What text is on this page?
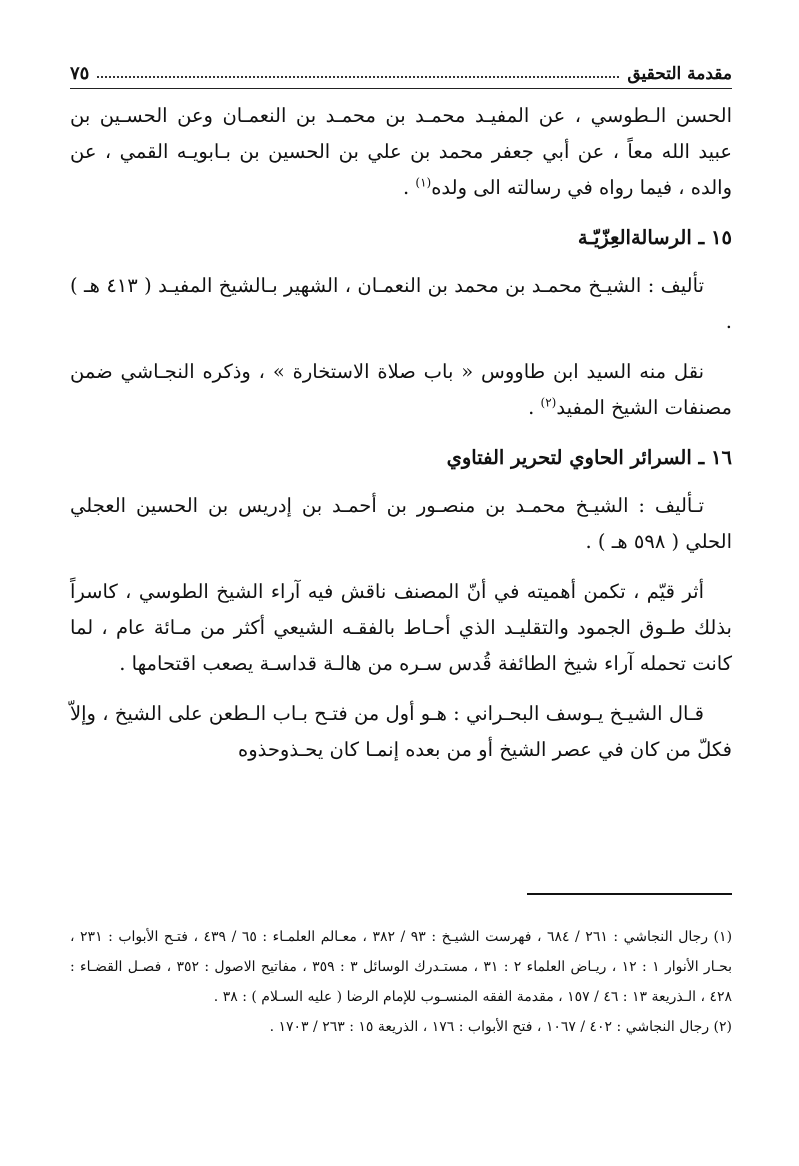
مقدمة التحقيق
٧٥

الحسن الـطوسي ، عن المفيـد محمـد بن محمـد بن النعمـان وعن الحسـين بن عبيد الله معاً ، عن أبي جعفر محمد بن علي بن الحسين بن بـابويـه القمي ، عن والده ، فيما رواه في رسالته الى ولده$^{(١)}$ .

١٥ ـ الرسالةالعِزّيّـة

تأليف : الشيـخ محمـد بن محمد بن النعمـان ، الشهير بـالشيخ المفيـد ( ٤١٣ هـ ) .

نقل منه السيد ابن طاووس « باب صلاة الاستخارة » ، وذكره النجـاشي ضمن مصنفات الشيخ المفيد$^{(٢)}$ .

١٦ ـ السرائر الحاوي لتحرير الفتاوي

تـأليف : الشيـخ محمـد بن منصـور بن أحمـد بن إدريس بن الحسين العجلي الحلي ( ٥٩٨ هـ ) .

أثر قيّم ، تكمن أهميته في أنّ المصنف ناقش فيه آراء الشيخ الطوسي ، كاسراً بذلك طـوق الجمود والتقليـد الذي أحـاط بالفقـه الشيعي أكثر من مـائة عام ، لما كانت تحمله آراء شيخ الطائفة قُدس سـره من هالـة قداسـة يصعب اقتحامها .

قـال الشيـخ يـوسف البحـراني : هـو أول من فتـح بـاب الـطعن على الشيخ ، وإلاّ فكلّ من كان في عصر الشيخ أو من بعده إنمـا كان يحـذوحذوه

(١) رجال النجاشي : ٢٦١ / ٦٨٤ ، فهرست الشيـخ : ٩٣ / ٣٨٢ ، معـالم العلمـاء : ٦٥ / ٤٣٩ ، فتـح الأبواب : ٢٣١ ، بحـار الأنوار ١ : ١٢ ، ريـاض العلماء ٢ : ٣١ ، مستـدرك الوسائل ٣ : ٣٥٩ ، مفاتيح الاصول : ٣٥٢ ، فصـل القضـاء : ٤٢٨ ، الـذريعة ١٣ : ٤٦ / ١٥٧ ، مقدمة الفقه المنسـوب للإمام الرضا ( عليه السـلام ) : ٣٨ .

(٢) رجال النجاشي : ٤٠٢ / ١٠٦٧ ، فتح الأبواب : ١٧٦ ، الذريعة ١٥ : ٢٦٣ / ١٧٠٣ .
